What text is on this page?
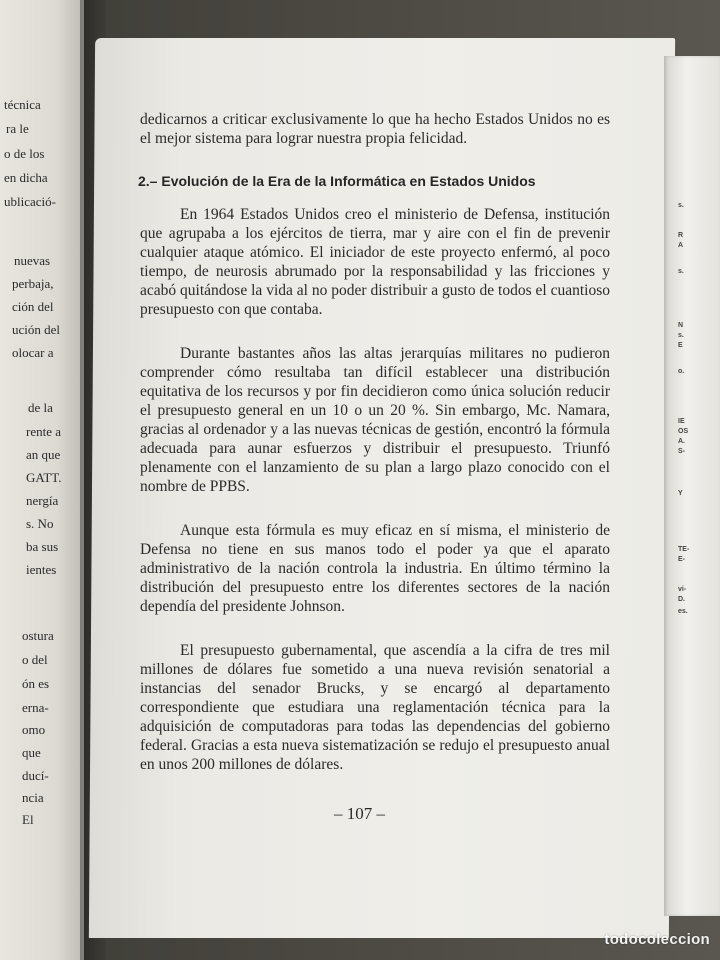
técnica
ra le
o de los
en dicha
ublicació-
nuevas
perbaja,
ción del
ución del
olocar a
de la
rente a
an que
GATT.
nergía
s. No
ba sus
ientes
ostura
o del
ón es
erna-
omo
que
ducí-
ncia
El

dedicarnos a criticar exclusivamente lo que ha hecho Estados Unidos no es el mejor sistema para lograr nuestra propia felicidad.

2.– Evolución de la Era de la Informática en Estados Unidos

En 1964 Estados Unidos creo el ministerio de Defensa, institución que agrupaba a los ejércitos de tierra, mar y aire con el fin de prevenir cualquier ataque atómico. El iniciador de este proyecto enfermó, al poco tiempo, de neurosis abrumado por la responsabilidad y las fricciones y acabó quitándose la vida al no poder distribuir a gusto de todos el cuantioso presupuesto con que contaba.

Durante bastantes años las altas jerarquías militares no pudieron comprender cómo resultaba tan difícil establecer una distribución equitativa de los recursos y por fin decidieron como única solución reducir el presupuesto general en un 10 o un 20 %. Sin embargo, Mc. Namara, gracias al ordenador y a las nuevas técnicas de gestión, encontró la fórmula adecuada para aunar esfuerzos y distribuir el presupuesto. Triunfó plenamente con el lanzamiento de su plan a largo plazo conocido con el nombre de PPBS.

Aunque esta fórmula es muy eficaz en sí misma, el ministerio de Defensa no tiene en sus manos todo el poder ya que el aparato administrativo de la nación controla la industria. En último término la distribución del presupuesto entre los diferentes sectores de la nación dependía del presidente Johnson.

El presupuesto gubernamental, que ascendía a la cifra de tres mil millones de dólares fue sometido a una nueva revisión senatorial a instancias del senador Brucks, y se encargó al departamento correspondiente que estudiara una reglamentación técnica para la adquisición de computadoras para todas las dependencias del gobierno federal. Gracias a esta nueva sistematización se redujo el presupuesto anual en unos 200 millones de dólares.

– 107 –
s.
R
A
s.
N
s.
E
o.
IE
OS
A.
S-
Y
TE-
E-
vi-
D.
es.
todocoleccion
